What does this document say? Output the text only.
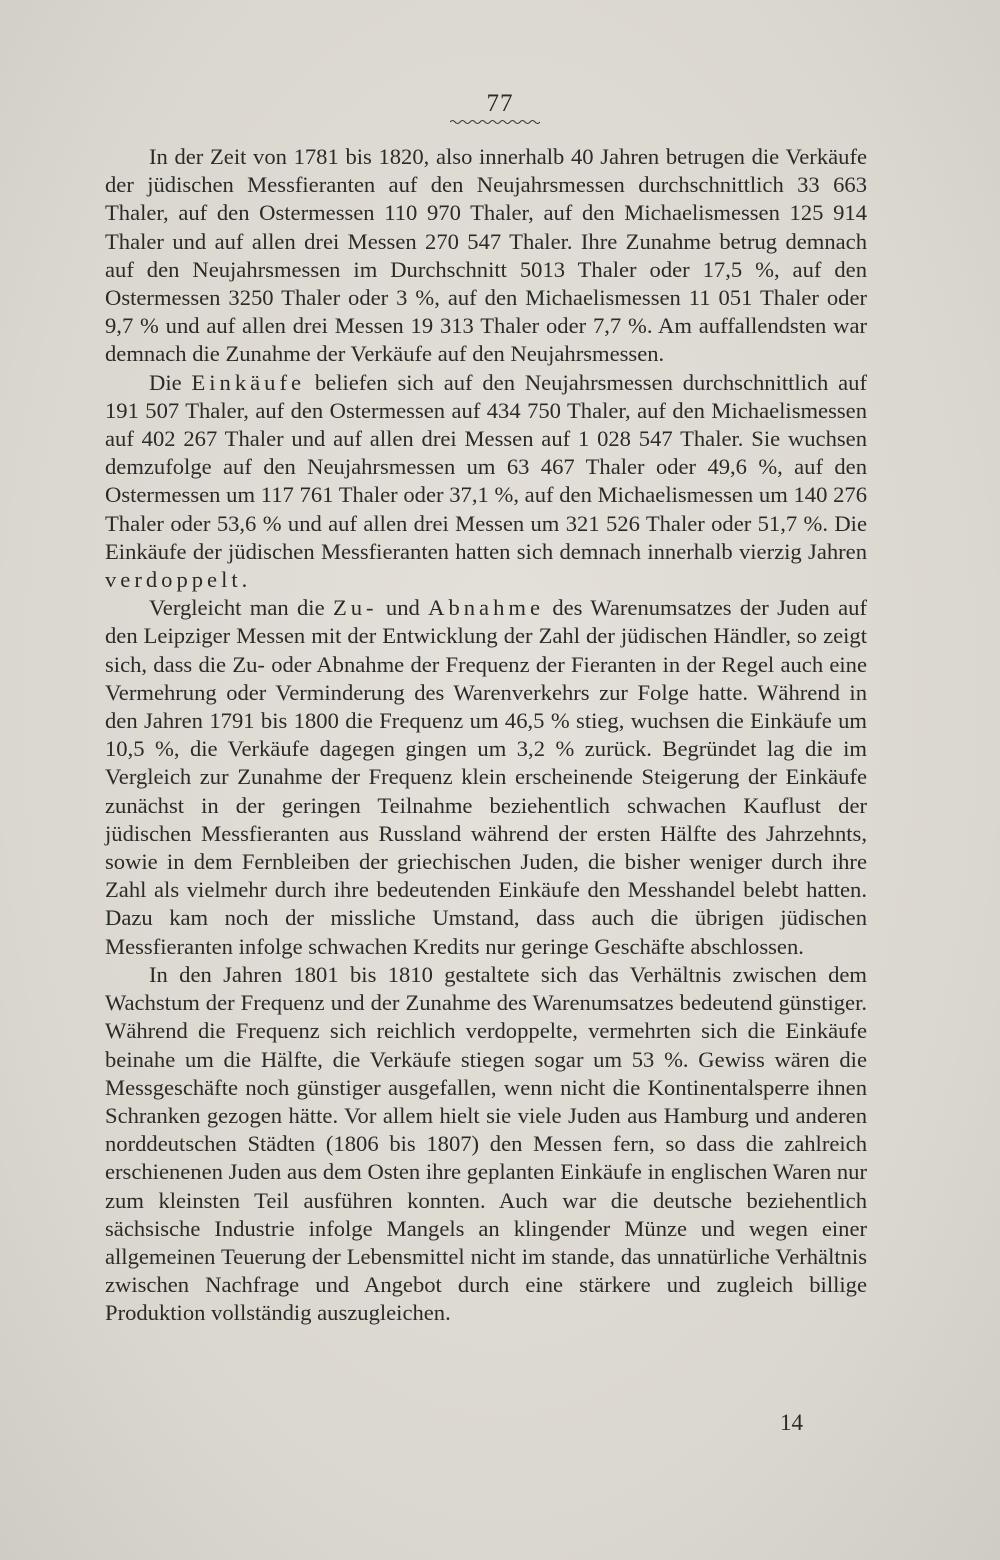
77

In der Zeit von 1781 bis 1820, also innerhalb 40 Jahren betrugen die Verkäufe der jüdischen Messfieranten auf den Neujahrsmessen durchschnittlich 33 663 Thaler, auf den Ostermessen 110 970 Thaler, auf den Michaelismessen 125 914 Thaler und auf allen drei Messen 270 547 Thaler. Ihre Zunahme betrug demnach auf den Neujahrsmessen im Durchschnitt 5013 Thaler oder 17,5 %, auf den Ostermessen 3250 Thaler oder 3 %, auf den Michaelismessen 11 051 Thaler oder 9,7 % und auf allen drei Messen 19 313 Thaler oder 7,7 %. Am auffallendsten war demnach die Zunahme der Verkäufe auf den Neujahrsmessen.

Die Einkäufe beliefen sich auf den Neujahrsmessen durchschnittlich auf 191 507 Thaler, auf den Ostermessen auf 434 750 Thaler, auf den Michaelismessen auf 402 267 Thaler und auf allen drei Messen auf 1 028 547 Thaler. Sie wuchsen demzufolge auf den Neujahrsmessen um 63 467 Thaler oder 49,6 %, auf den Ostermessen um 117 761 Thaler oder 37,1 %, auf den Michaelismessen um 140 276 Thaler oder 53,6 % und auf allen drei Messen um 321 526 Thaler oder 51,7 %. Die Einkäufe der jüdischen Messfieranten hatten sich demnach innerhalb vierzig Jahren verdoppelt.

Vergleicht man die Zu- und Abnahme des Warenumsatzes der Juden auf den Leipziger Messen mit der Entwicklung der Zahl der jüdischen Händler, so zeigt sich, dass die Zu- oder Abnahme der Frequenz der Fieranten in der Regel auch eine Vermehrung oder Verminderung des Warenverkehrs zur Folge hatte. Während in den Jahren 1791 bis 1800 die Frequenz um 46,5 % stieg, wuchsen die Einkäufe um 10,5 %, die Verkäufe dagegen gingen um 3,2 % zurück. Begründet lag die im Vergleich zur Zunahme der Frequenz klein erscheinende Steigerung der Einkäufe zunächst in der geringen Teilnahme beziehentlich schwachen Kauflust der jüdischen Messfieranten aus Russland während der ersten Hälfte des Jahrzehnts, sowie in dem Fernbleiben der griechischen Juden, die bisher weniger durch ihre Zahl als vielmehr durch ihre bedeutenden Einkäufe den Messhandel belebt hatten. Dazu kam noch der missliche Umstand, dass auch die übrigen jüdischen Messfieranten infolge schwachen Kredits nur geringe Geschäfte abschlossen.

In den Jahren 1801 bis 1810 gestaltete sich das Verhältnis zwischen dem Wachstum der Frequenz und der Zunahme des Warenumsatzes bedeutend günstiger. Während die Frequenz sich reichlich verdoppelte, vermehrten sich die Einkäufe beinahe um die Hälfte, die Verkäufe stiegen sogar um 53 %. Gewiss wären die Messgeschäfte noch günstiger ausgefallen, wenn nicht die Kontinentalsperre ihnen Schranken gezogen hätte. Vor allem hielt sie viele Juden aus Hamburg und anderen norddeutschen Städten (1806 bis 1807) den Messen fern, so dass die zahlreich erschienenen Juden aus dem Osten ihre geplanten Einkäufe in englischen Waren nur zum kleinsten Teil ausführen konnten. Auch war die deutsche beziehentlich sächsische Industrie infolge Mangels an klingender Münze und wegen einer allgemeinen Teuerung der Lebensmittel nicht im stande, das unnatürliche Verhältnis zwischen Nachfrage und Angebot durch eine stärkere und zugleich billige Produktion vollständig auszugleichen.

14
